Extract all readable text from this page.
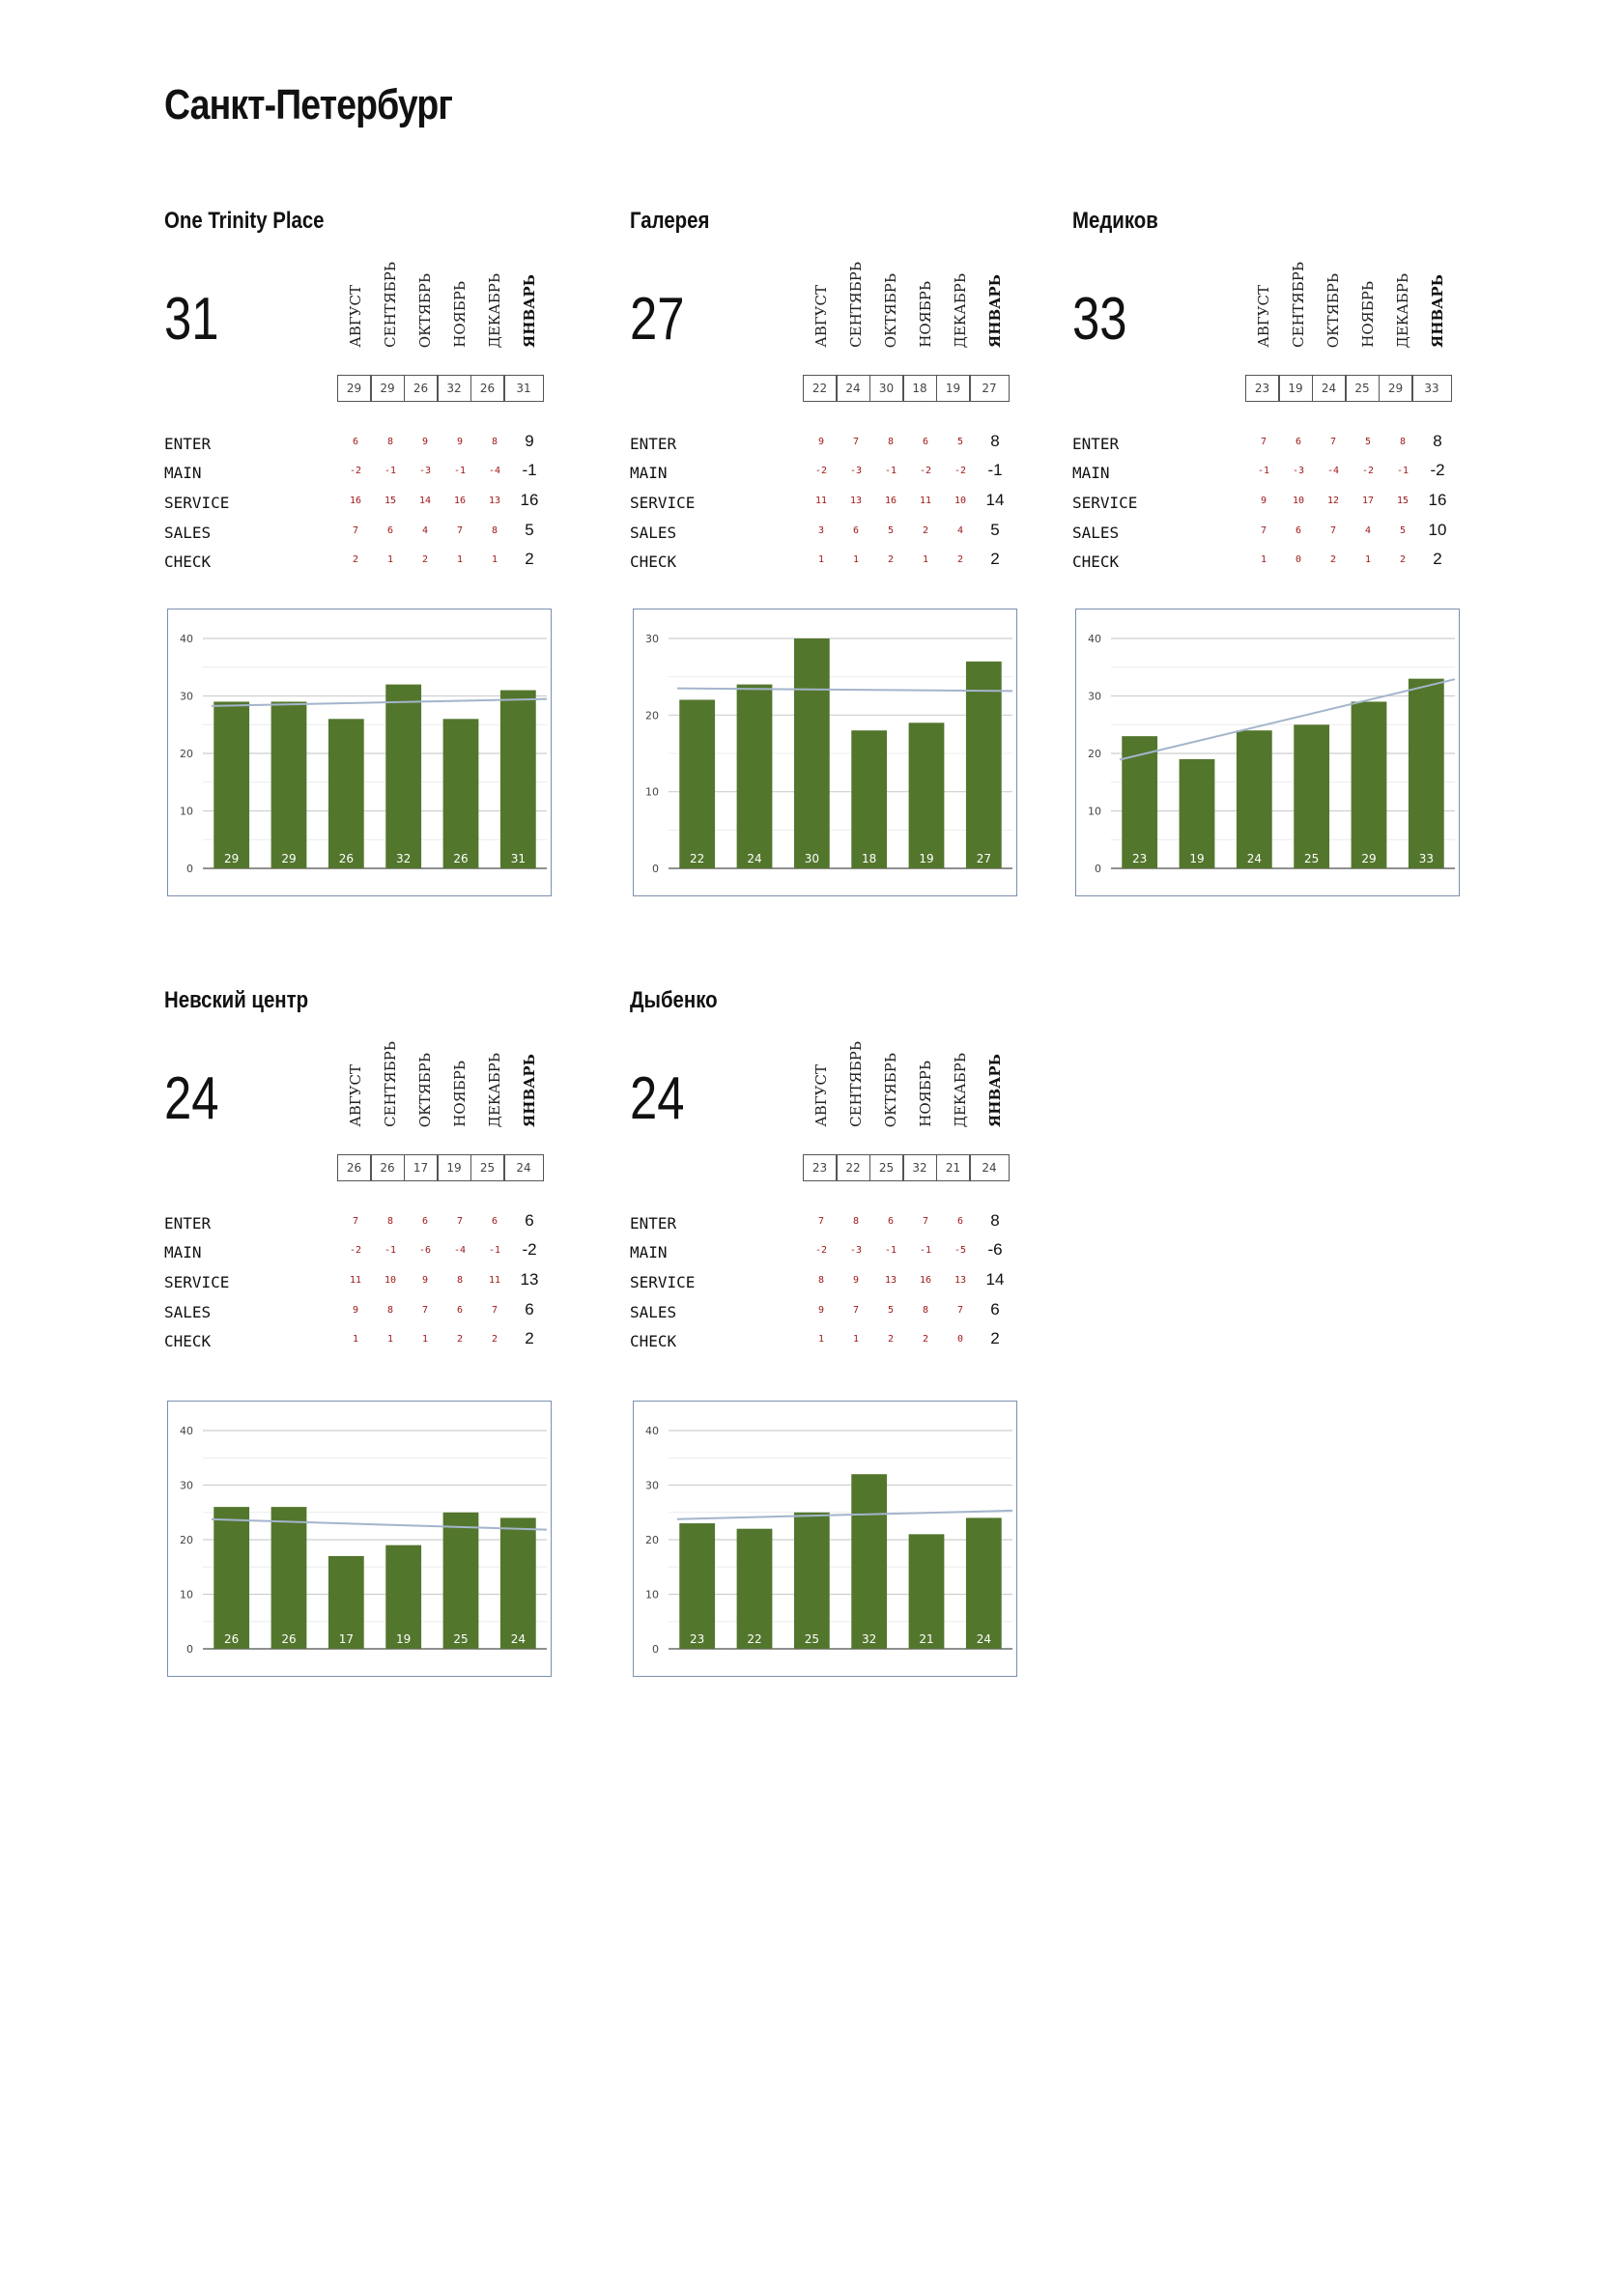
Санкт-Петербург
One Trinity Place
31	АВГУСТ СЕНТЯБРЬ ОКТЯБРЬ НОЯБРЬ ДЕКАБРЬ ЯНВАРЬ
29	29	26	32	26	31
ENTER	6	8	9	9	8	9
MAIN	-2	-1	-3	-1	-4	-1
SERVICE	16	15	14	16	13	16
SALES	7	6	4	7	8	5
CHECK	2	1	2	1	1	2
0
10
20
30
40
29	29	26	32	26	31
Галерея
27	АВГУСТ СЕНТЯБРЬ ОКТЯБРЬ НОЯБРЬ ДЕКАБРЬ ЯНВАРЬ
22	24	30	18	19	27
ENTER	9	7	8	6	5	8
MAIN	-2	-3	-1	-2	-2	-1
SERVICE	11	13	16	11	10	14
SALES	3	6	5	2	4	5
CHECK	1	1	2	1	2	2
0
10
20
30
22	24	30	18	19	27
Медиков
33	АВГУСТ СЕНТЯБРЬ ОКТЯБРЬ НОЯБРЬ ДЕКАБРЬ ЯНВАРЬ
23	19	24	25	29	33
ENTER	7	6	7	5	8	8
MAIN	-1	-3	-4	-2	-1	-2
SERVICE	9	10	12	17	15	16
SALES	7	6	7	4	5	10
CHECK	1	0	2	1	2	2
0
10
20
30
40
23	19	24	25	29	33
Невский центр
24	АВГУСТ СЕНТЯБРЬ ОКТЯБРЬ НОЯБРЬ ДЕКАБРЬ ЯНВАРЬ
26	26	17	19	25	24
ENTER	7	8	6	7	6	6
MAIN	-2	-1	-6	-4	-1	-2
SERVICE	11	10	9	8	11	13
SALES	9	8	7	6	7	6
CHECK	1	1	1	2	2	2
0
10
20
30
40
26	26	17	19	25	24
Дыбенко
24	АВГУСТ СЕНТЯБРЬ ОКТЯБРЬ НОЯБРЬ ДЕКАБРЬ ЯНВАРЬ
23	22	25	32	21	24
ENTER	7	8	6	7	6	8
MAIN	-2	-3	-1	-1	-5	-6
SERVICE	8	9	13	16	13	14
SALES	9	7	5	8	7	6
CHECK	1	1	2	2	0	2
0
10
20
30
40
23	22	25	32	21	24
